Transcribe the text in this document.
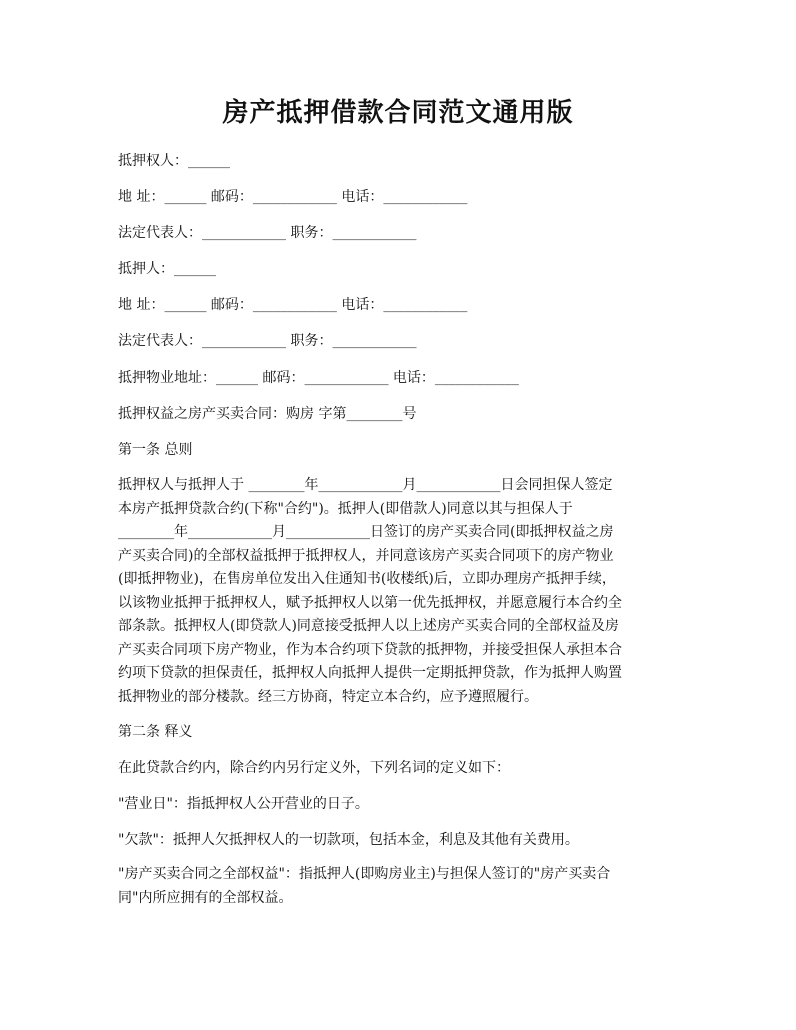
房产抵押借款合同范文通用版

抵押权人：______

地 址：______ 邮码：____________ 电话：____________

法定代表人：____________ 职务：____________

抵押人：______

地 址：______ 邮码：____________ 电话：____________

法定代表人：____________ 职务：____________

抵押物业地址：______ 邮码：____________ 电话：____________

抵押权益之房产买卖合同：购房 字第________号

第一条 总则

抵押权人与抵押人于 ________年____________月____________日会同担保人签定
本房产抵押贷款合约(下称"合约")。抵押人(即借款人)同意以其与担保人于
________年____________月____________日签订的房产买卖合同(即抵押权益之房
产买卖合同)的全部权益抵押于抵押权人，并同意该房产买卖合同项下的房产物业
(即抵押物业)，在售房单位发出入住通知书(收楼纸)后，立即办理房产抵押手续，
以该物业抵押于抵押权人，赋予抵押权人以第一优先抵押权，并愿意履行本合约全
部条款。抵押权人(即贷款人)同意接受抵押人以上述房产买卖合同的全部权益及房
产买卖合同项下房产物业，作为本合约项下贷款的抵押物，并接受担保人承担本合
约项下贷款的担保责任，抵押权人向抵押人提供一定期抵押贷款，作为抵押人购置
抵押物业的部分楼款。经三方协商，特定立本合约，应予遵照履行。

第二条 释义

在此贷款合约内，除合约内另行定义外，下列名词的定义如下：

"营业日"：指抵押权人公开营业的日子。

"欠款"：抵押人欠抵押权人的一切款项，包括本金，利息及其他有关费用。

"房产买卖合同之全部权益"：指抵押人(即购房业主)与担保人签订的"房产买卖合
同"内所应拥有的全部权益。
